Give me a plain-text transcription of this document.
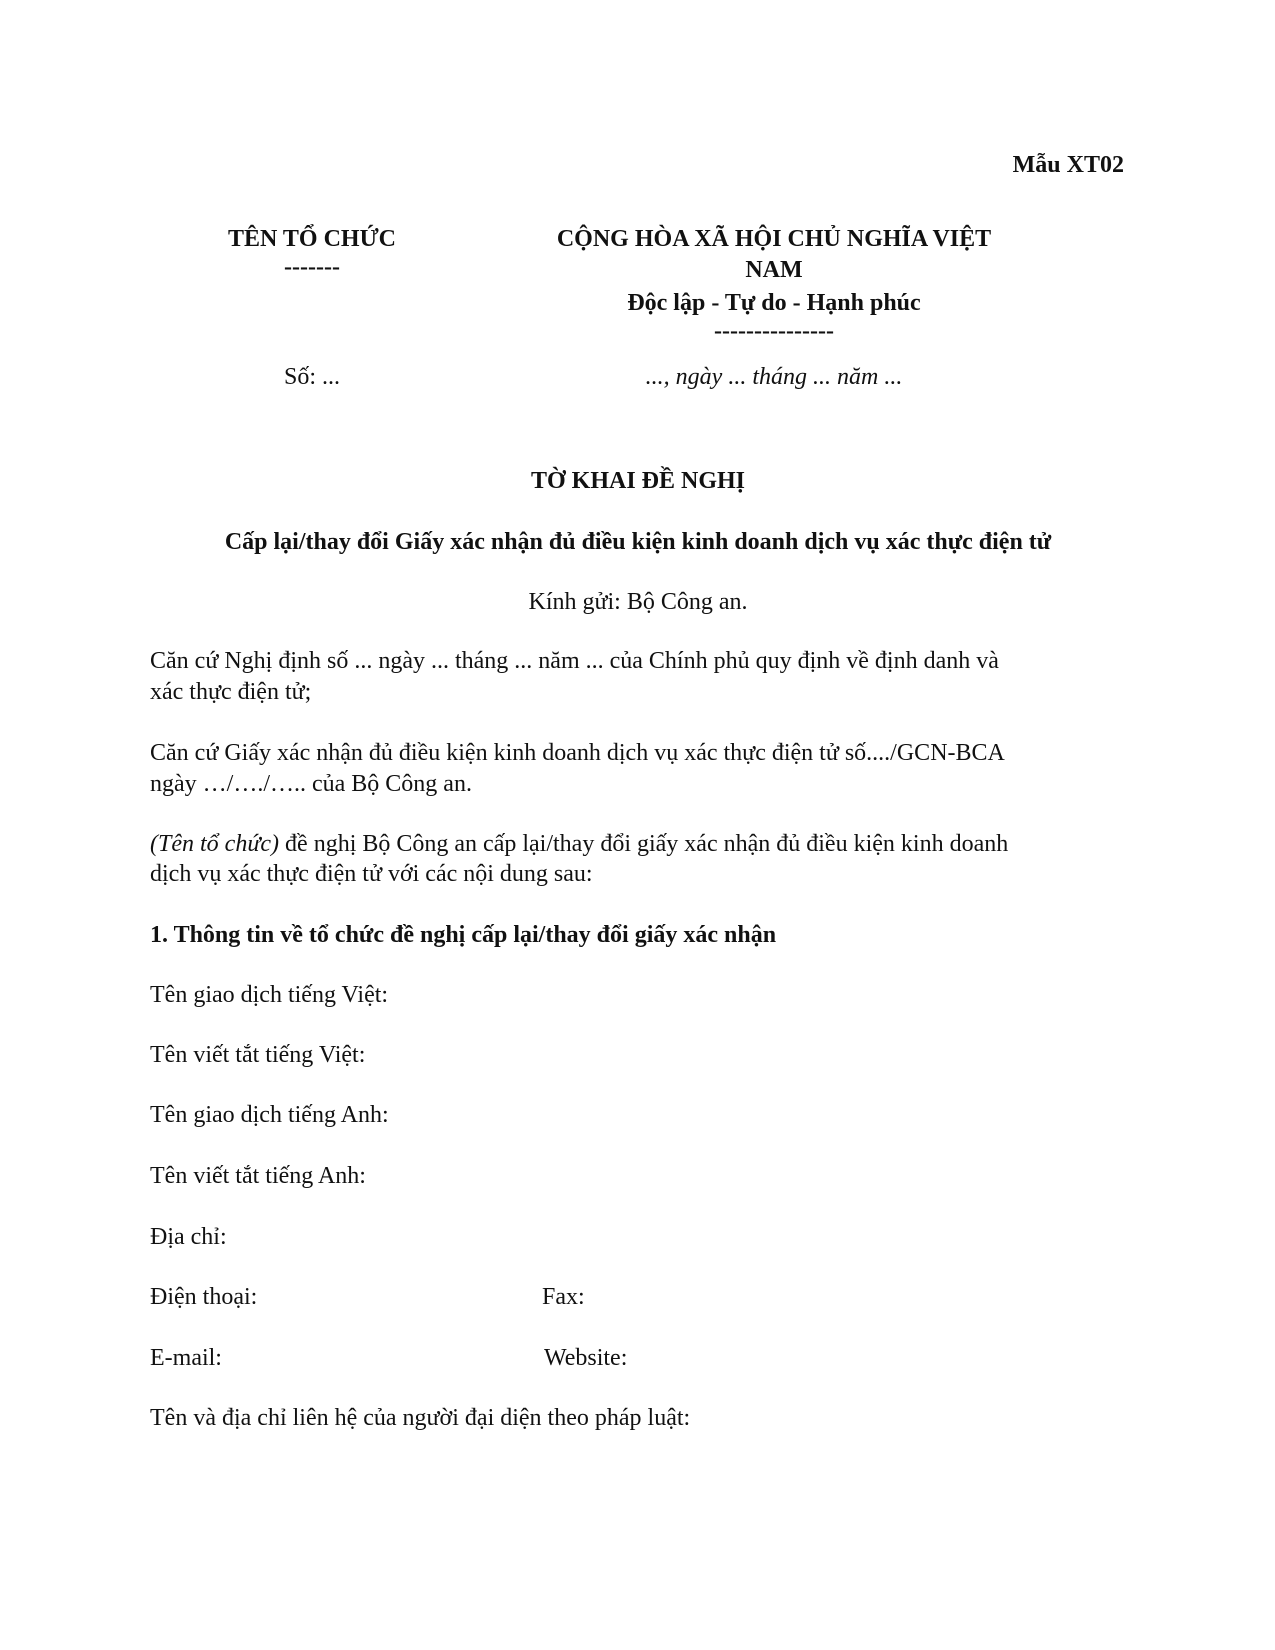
Mẫu XT02
TÊN TỔ CHỨC
-------
CỘNG HÒA XÃ HỘI CHỦ NGHĨA VIỆT
NAM
Độc lập - Tự do - Hạnh phúc
---------------
Số: ...	..., ngày ... tháng ... năm ...
TỜ KHAI ĐỀ NGHỊ
Cấp lại/thay đổi Giấy xác nhận đủ điều kiện kinh doanh dịch vụ xác thực điện tử
Kính gửi: Bộ Công an.
Căn cứ Nghị định số ... ngày ... tháng ... năm ... của Chính phủ quy định về định danh và
xác thực điện tử;
Căn cứ Giấy xác nhận đủ điều kiện kinh doanh dịch vụ xác thực điện tử số..../GCN-BCA
ngày …/…./….. của Bộ Công an.
(Tên tổ chức) đề nghị Bộ Công an cấp lại/thay đổi giấy xác nhận đủ điều kiện kinh doanh
dịch vụ xác thực điện tử với các nội dung sau:
1. Thông tin về tổ chức đề nghị cấp lại/thay đổi giấy xác nhận
Tên giao dịch tiếng Việt:
Tên viết tắt tiếng Việt:
Tên giao dịch tiếng Anh:
Tên viết tắt tiếng Anh:
Địa chỉ:
Điện thoại:	Fax:
E-mail:	Website:
Tên và địa chỉ liên hệ của người đại diện theo pháp luật:
